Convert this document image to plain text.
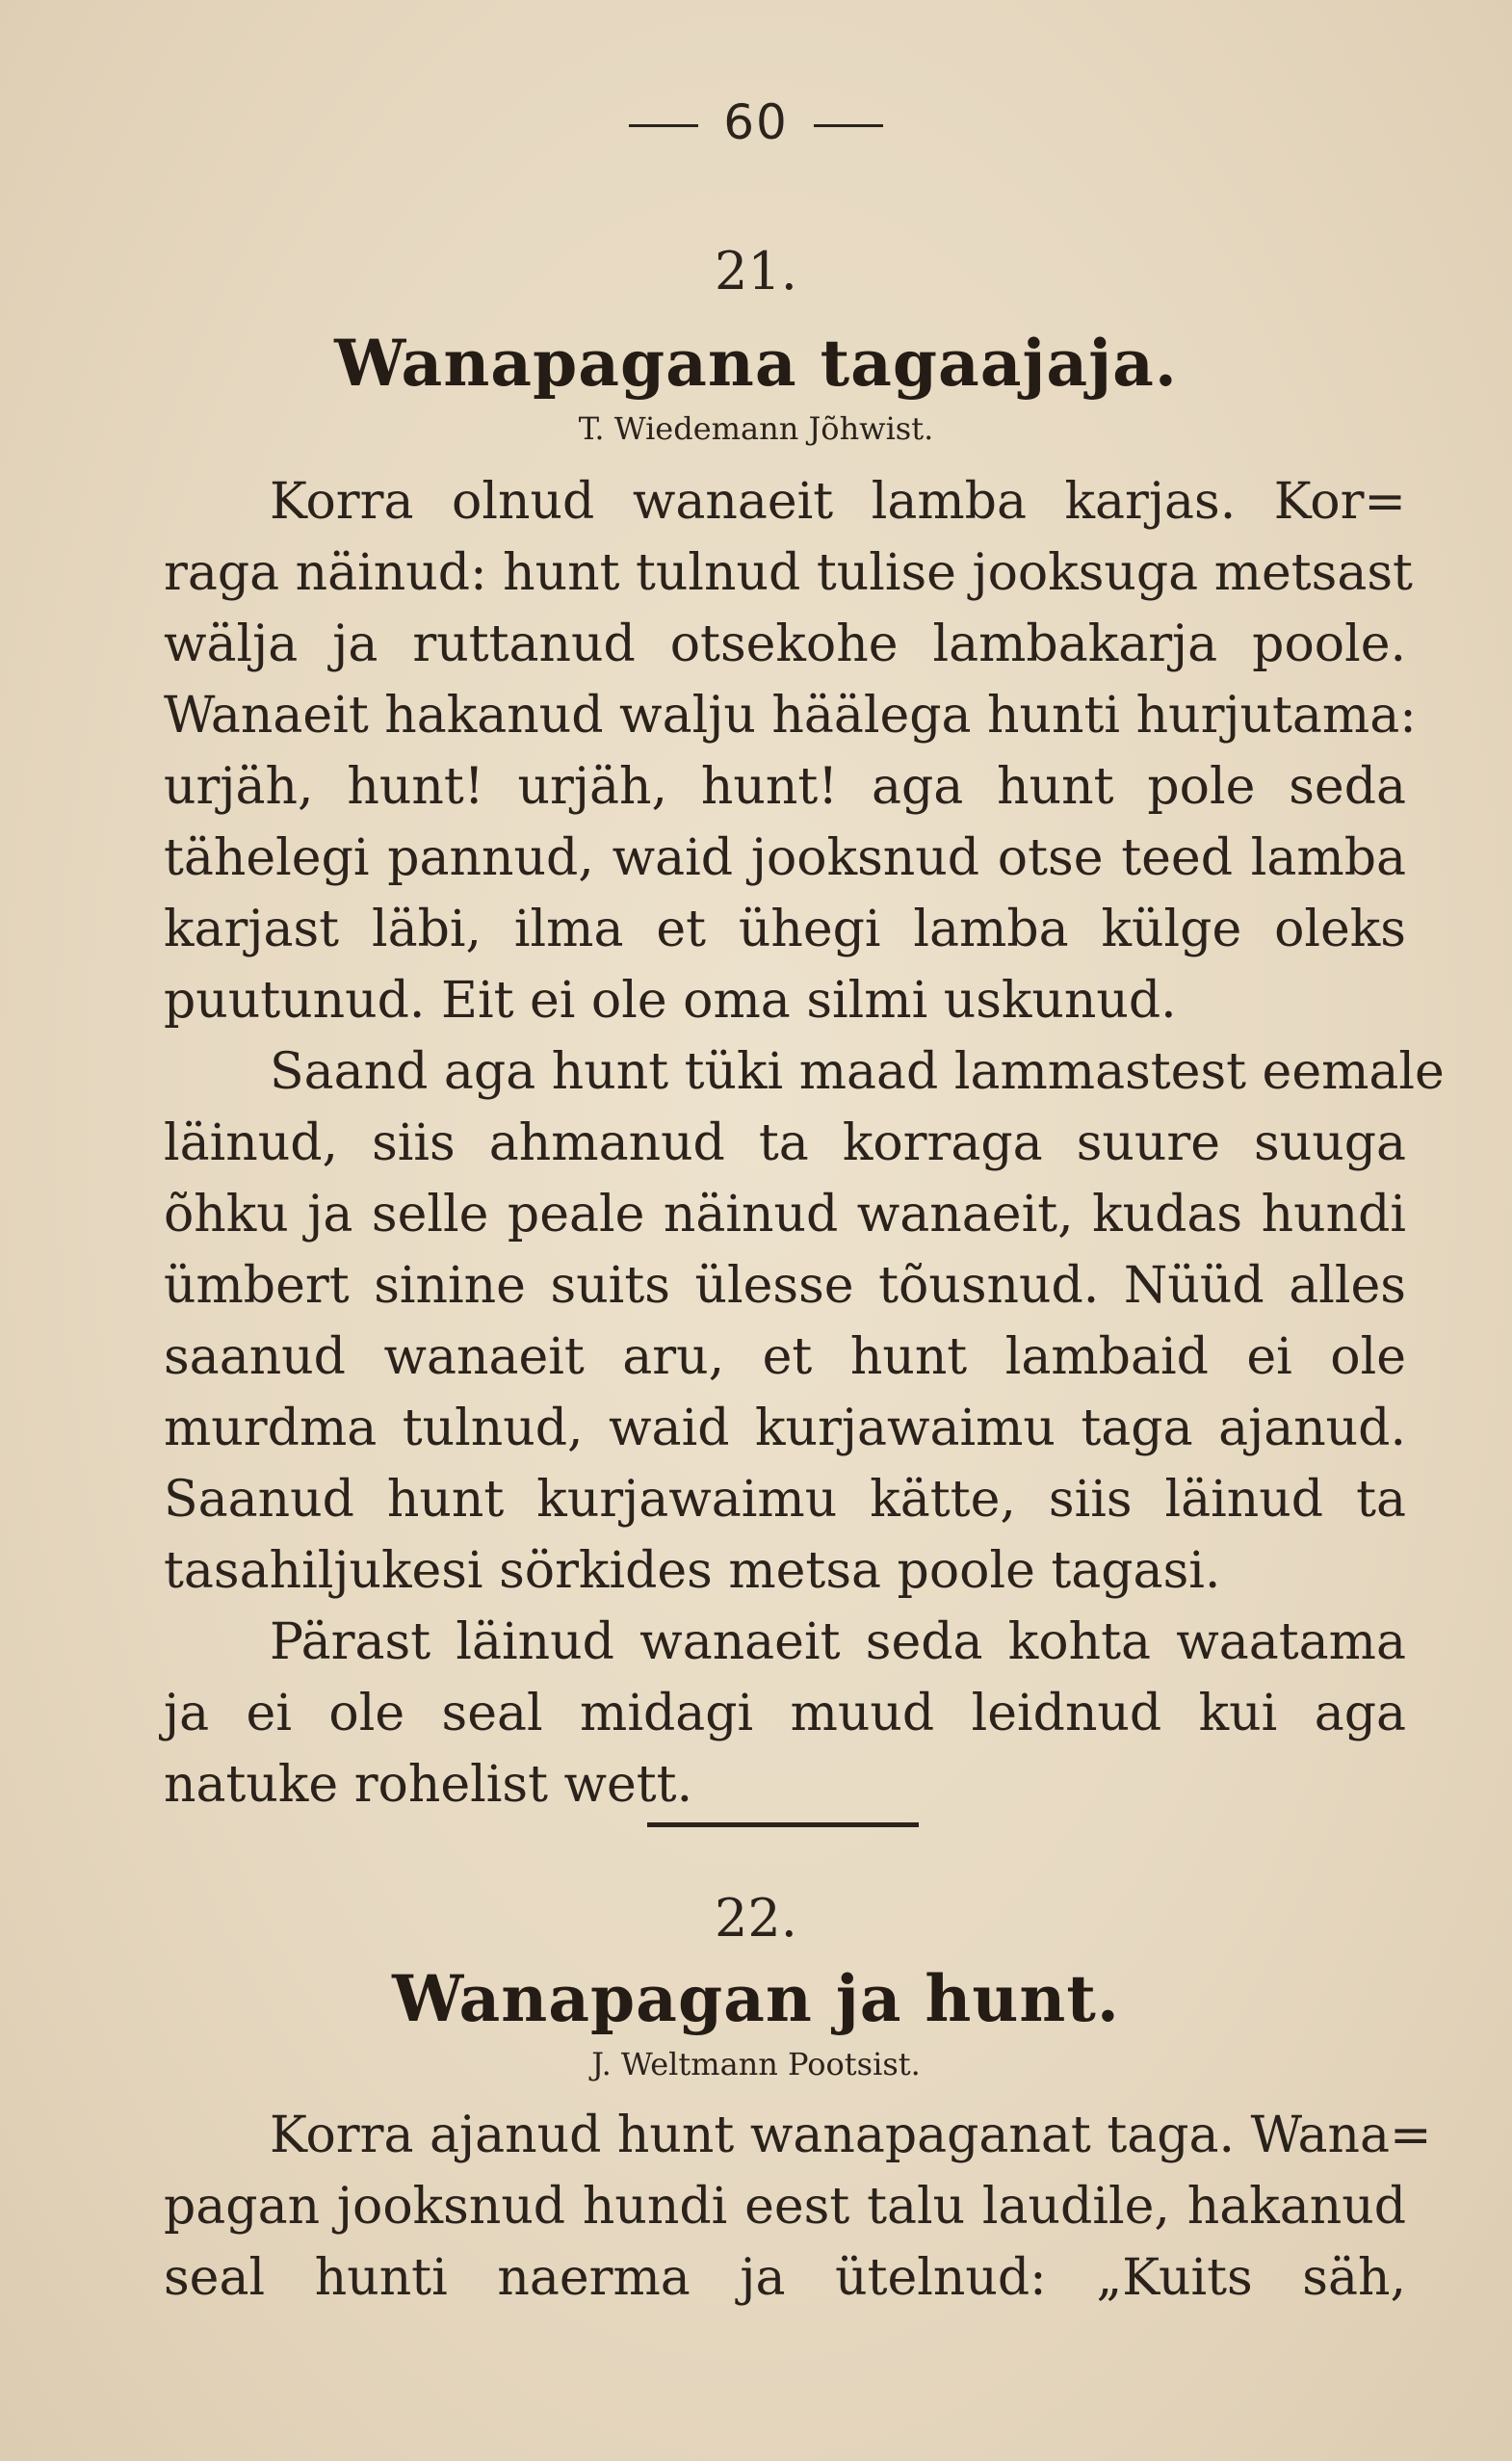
60
21.
Wanapagana tagaajaja.
T. Wiedemann Jõhwist.
Korra olnud wanaeit lamba karjas. Kor=
raga näinud: hunt tulnud tulise jooksuga metsast
wälja ja ruttanud otsekohe lambakarja poole.
Wanaeit hakanud walju häälega hunti hurjutama:
urjäh, hunt! urjäh, hunt! aga hunt pole seda
tähelegi pannud, waid jooksnud otse teed lamba
karjast läbi, ilma et ühegi lamba külge oleks
puutunud. Eit ei ole oma silmi uskunud.
Saand aga hunt tüki maad lammastest eemale
läinud, siis ahmanud ta korraga suure suuga
õhku ja selle peale näinud wanaeit, kudas hundi
ümbert sinine suits ülesse tõusnud. Nüüd alles
saanud wanaeit aru, et hunt lambaid ei ole
murdma tulnud, waid kurjawaimu taga ajanud.
Saanud hunt kurjawaimu kätte, siis läinud ta
tasahiljukesi sörkides metsa poole tagasi.
Pärast läinud wanaeit seda kohta waatama
ja ei ole seal midagi muud leidnud kui aga
natuke rohelist wett.
22.
Wanapagan ja hunt.
J. Weltmann Pootsist.
Korra ajanud hunt wanapaganat taga. Wana=
pagan jooksnud hundi eest talu laudile, hakanud
seal hunti naerma ja ütelnud: „Kuits säh,
